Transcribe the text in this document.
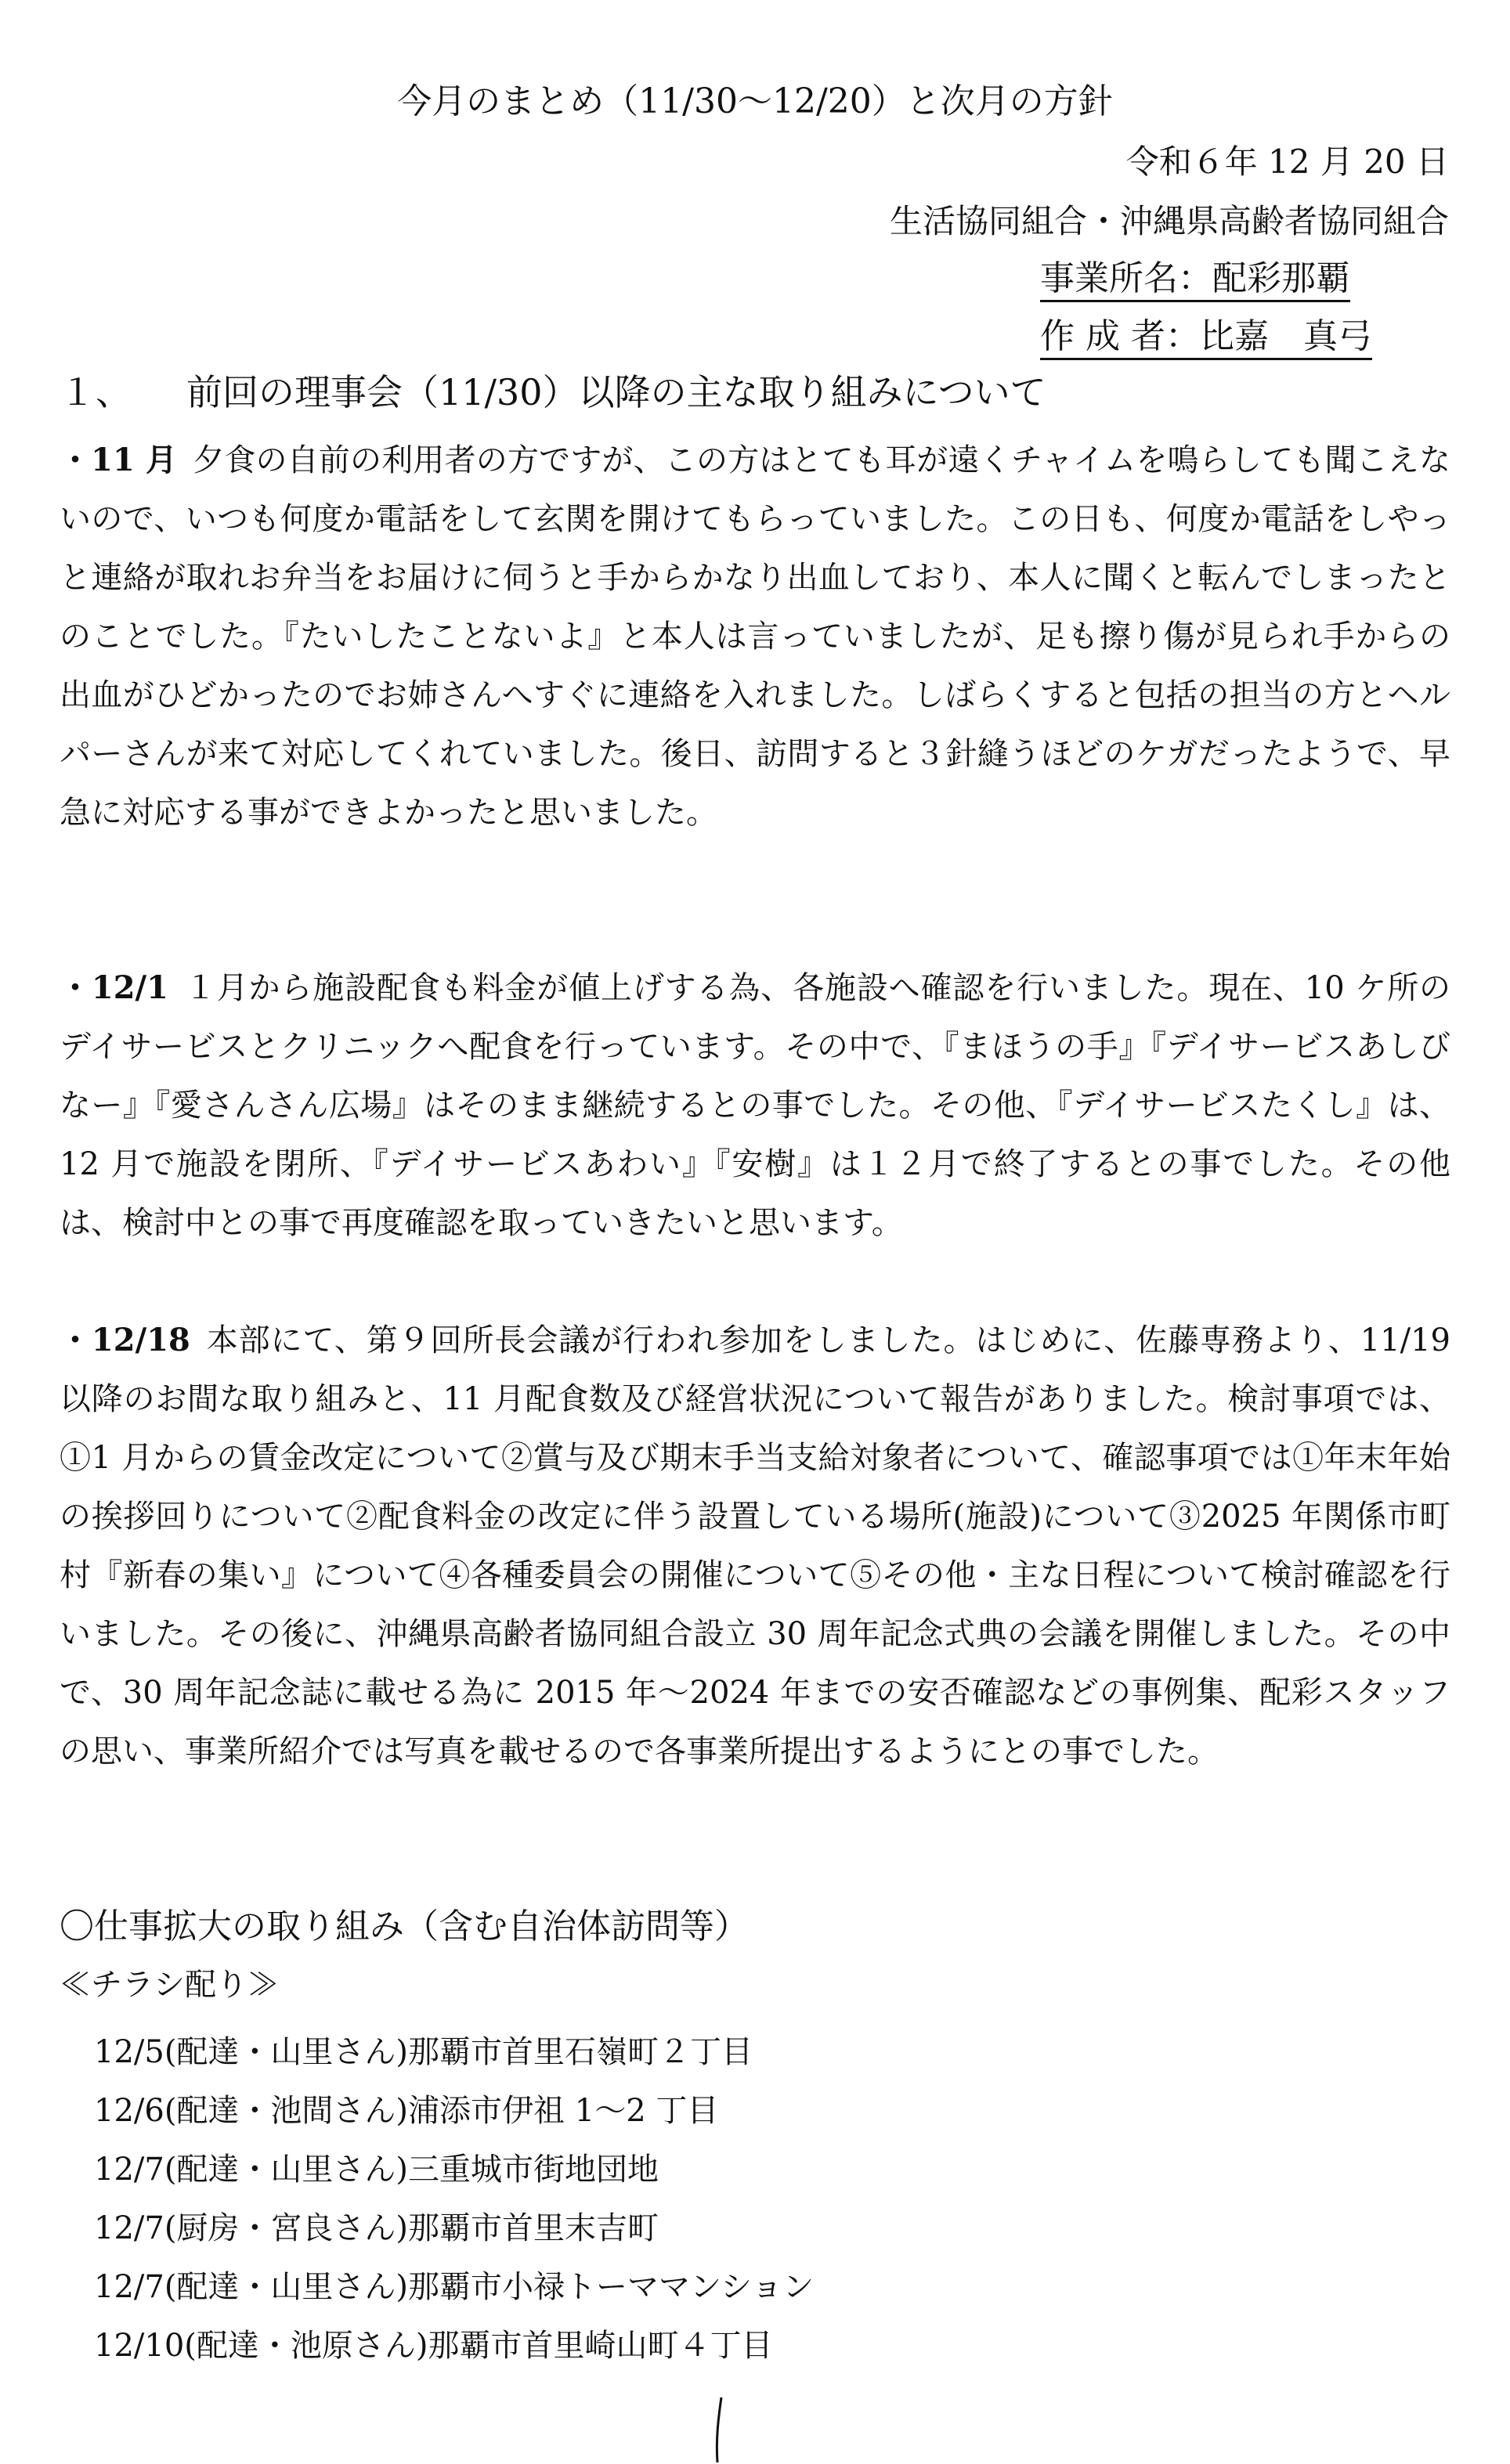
今月のまとめ（11/30〜12/20）と次月の方針
令和６年 12 月 20 日
生活協同組合・沖縄県高齢者協同組合
事業所名：配彩那覇
作 成 者：比嘉　真弓
１、 前回の理事会（11/30）以降の主な取り組みについて
・11 月 夕食の自前の利用者の方ですが、この方はとても耳が遠くチャイムを鳴らしても聞こえないので、いつも何度か電話をして玄関を開けてもらっていました。この日も、何度か電話をしやっと連絡が取れお弁当をお届けに伺うと手からかなり出血しており、本人に聞くと転んでしまったとのことでした。『たいしたことないよ』と本人は言っていましたが、足も擦り傷が見られ手からの出血がひどかったのでお姉さんへすぐに連絡を入れました。しばらくすると包括の担当の方とヘルパーさんが来て対応してくれていました。後日、訪問すると３針縫うほどのケガだったようで、早急に対応する事ができよかったと思いました。
・12/1 １月から施設配食も料金が値上げする為、各施設へ確認を行いました。現在、10 ケ所のデイサービスとクリニックへ配食を行っています。その中で、『まほうの手』『デイサービスあしびなー』『愛さんさん広場』はそのまま継続するとの事でした。その他、『デイサービスたくし』は、12 月で施設を閉所、『デイサービスあわい』『安樹』は１２月で終了するとの事でした。その他は、検討中との事で再度確認を取っていきたいと思います。
・12/18 本部にて、第９回所長会議が行われ参加をしました。はじめに、佐藤専務より、11/19 以降のお間な取り組みと、11 月配食数及び経営状況について報告がありました。検討事項では、①1 月からの賃金改定について②賞与及び期末手当支給対象者について、確認事項では①年末年始の挨拶回りについて②配食料金の改定に伴う設置している場所(施設)について③2025 年関係市町村『新春の集い』について④各種委員会の開催について⑤その他・主な日程について検討確認を行いました。その後に、沖縄県高齢者協同組合設立 30 周年記念式典の会議を開催しました。その中で、30 周年記念誌に載せる為に 2015 年〜2024 年までの安否確認などの事例集、配彩スタッフの思い、事業所紹介では写真を載せるので各事業所提出するようにとの事でした。
〇仕事拡大の取り組み（含む自治体訪問等）
≪チラシ配り≫
12/5(配達・山里さん)那覇市首里石嶺町２丁目
12/6(配達・池間さん)浦添市伊祖 1〜2 丁目
12/7(配達・山里さん)三重城市街地団地
12/7(厨房・宮良さん)那覇市首里末吉町
12/7(配達・山里さん)那覇市小禄トーママンション
12/10(配達・池原さん)那覇市首里崎山町４丁目
